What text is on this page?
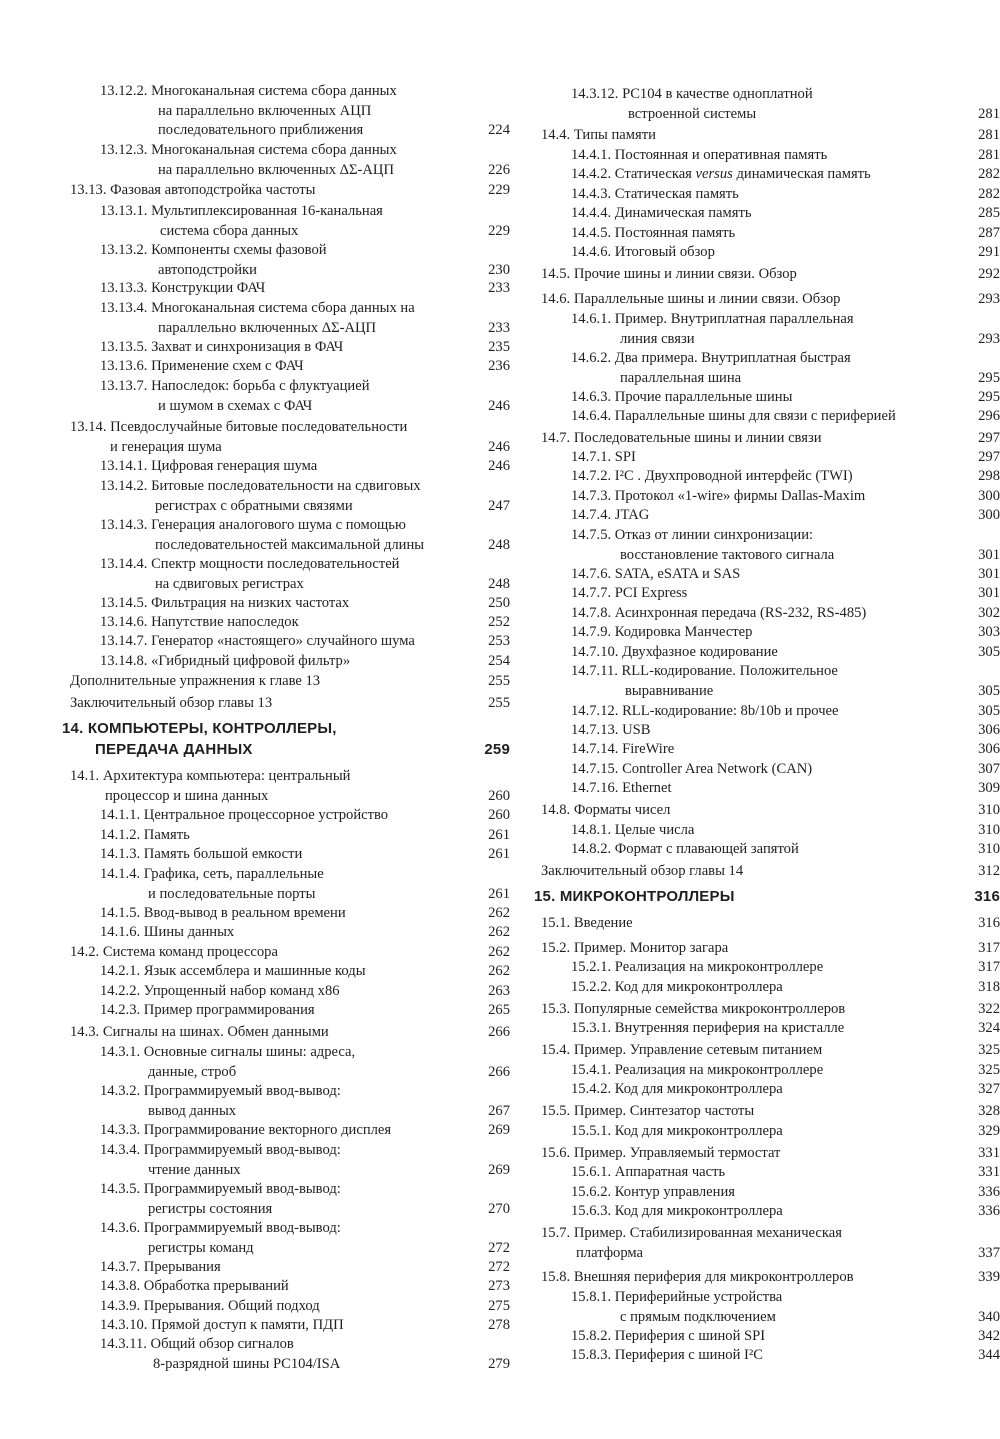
13.12.2. Многоканальная система сбора данных
на параллельно включенных АЦП
последовательного приближения	224
13.12.3. Многоканальная система сбора данных
на параллельно включенных ΔΣ-АЦП	226
13.13. Фазовая автоподстройка частоты	229
13.13.1. Мультиплексированная 16-канальная
система сбора данных	229
13.13.2. Компоненты схемы фазовой
автоподстройки	230
13.13.3. Конструкции ФАЧ	233
13.13.4. Многоканальная система сбора данных на
параллельно включенных ΔΣ-АЦП	233
13.13.5. Захват и синхронизация в ФАЧ	235
13.13.6. Применение схем с ФАЧ	236
13.13.7. Напоследок: борьба с флуктуацией
и шумом в схемах с ФАЧ	246
13.14. Псевдослучайные битовые последовательности
и генерация шума	246
13.14.1. Цифровая генерация шума	246
13.14.2. Битовые последовательности на сдвиговых
регистрах с обратными связями	247
13.14.3. Генерация аналогового шума с помощью
последовательностей максимальной длины	248
13.14.4. Спектр мощности последовательностей
на сдвиговых регистрах	248
13.14.5. Фильтрация на низких частотах	250
13.14.6. Напутствие напоследок	252
13.14.7. Генератор «настоящего» случайного шума	253
13.14.8. «Гибридный цифровой фильтр»	254
Дополнительные упражнения к главе 13	255
Заключительный обзор главы 13	255
14. КОМПЬЮТЕРЫ, КОНТРОЛЛЕРЫ,
ПЕРЕДАЧА ДАННЫХ	259
14.1. Архитектура компьютера: центральный
процессор и шина данных	260
14.1.1. Центральное процессорное устройство	260
14.1.2. Память	261
14.1.3. Память большой емкости	261
14.1.4. Графика, сеть, параллельные
и последовательные порты	261
14.1.5. Ввод-вывод в реальном времени	262
14.1.6. Шины данных	262
14.2. Система команд процессора	262
14.2.1. Язык ассемблера и машинные коды	262
14.2.2. Упрощенный набор команд x86	263
14.2.3. Пример программирования	265
14.3. Сигналы на шинах. Обмен данными	266
14.3.1. Основные сигналы шины: адреса,
данные, строб	266
14.3.2. Программируемый ввод-вывод:
вывод данных	267
14.3.3. Программирование векторного дисплея	269
14.3.4. Программируемый ввод-вывод:
чтение данных	269
14.3.5. Программируемый ввод-вывод:
регистры состояния	270
14.3.6. Программируемый ввод-вывод:
регистры команд	272
14.3.7. Прерывания	272
14.3.8. Обработка прерываний	273
14.3.9. Прерывания. Общий подход	275
14.3.10. Прямой доступ к памяти, ПДП	278
14.3.11. Общий обзор сигналов
8-разрядной шины PC104/ISA	279
14.3.12. PC104 в качестве одноплатной
встроенной системы	281
14.4. Типы памяти	281
14.4.1. Постоянная и оперативная память	281
14.4.2. Статическая versus динамическая память	282
14.4.3. Статическая память	282
14.4.4. Динамическая память	285
14.4.5. Постоянная память	287
14.4.6. Итоговый обзор	291
14.5. Прочие шины и линии связи. Обзор	292
14.6. Параллельные шины и линии связи. Обзор	293
14.6.1. Пример. Внутриплатная параллельная
линия связи	293
14.6.2. Два примера. Внутриплатная быстрая
параллельная шина	295
14.6.3. Прочие параллельные шины	295
14.6.4. Параллельные шины для связи с периферией	296
14.7. Последовательные шины и линии связи	297
14.7.1. SPI	297
14.7.2. I²C . Двухпроводной интерфейс (TWI)	298
14.7.3. Протокол «1-wire» фирмы Dallas-Maxim	300
14.7.4. JTAG	300
14.7.5. Отказ от линии синхронизации:
восстановление тактового сигнала	301
14.7.6. SATA, eSATA и SAS	301
14.7.7. PCI Express	301
14.7.8. Асинхронная передача (RS-232, RS-485)	302
14.7.9. Кодировка Манчестер	303
14.7.10. Двухфазное кодирование	305
14.7.11. RLL-кодирование. Положительное
выравнивание	305
14.7.12. RLL-кодирование: 8b/10b и прочее	305
14.7.13. USB	306
14.7.14. FireWire	306
14.7.15. Controller Area Network (CAN)	307
14.7.16. Ethernet	309
14.8. Форматы чисел	310
14.8.1. Целые числа	310
14.8.2. Формат с плавающей запятой	310
Заключительный обзор главы 14	312
15. МИКРОКОНТРОЛЛЕРЫ	316
15.1. Введение	316
15.2. Пример. Монитор загара	317
15.2.1. Реализация на микроконтроллере	317
15.2.2. Код для микроконтроллера	318
15.3. Популярные семейства микроконтроллеров	322
15.3.1. Внутренняя периферия на кристалле	324
15.4. Пример. Управление сетевым питанием	325
15.4.1. Реализация на микроконтроллере	325
15.4.2. Код для микроконтроллера	327
15.5. Пример. Синтезатор частоты	328
15.5.1. Код для микроконтроллера	329
15.6. Пример. Управляемый термостат	331
15.6.1. Аппаратная часть	331
15.6.2. Контур управления	336
15.6.3. Код для микроконтроллера	336
15.7. Пример. Стабилизированная механическая
платформа	337
15.8. Внешняя периферия для микроконтроллеров	339
15.8.1. Периферийные устройства
с прямым подключением	340
15.8.2. Периферия с шиной SPI	342
15.8.3. Периферия с шиной I²C	344
